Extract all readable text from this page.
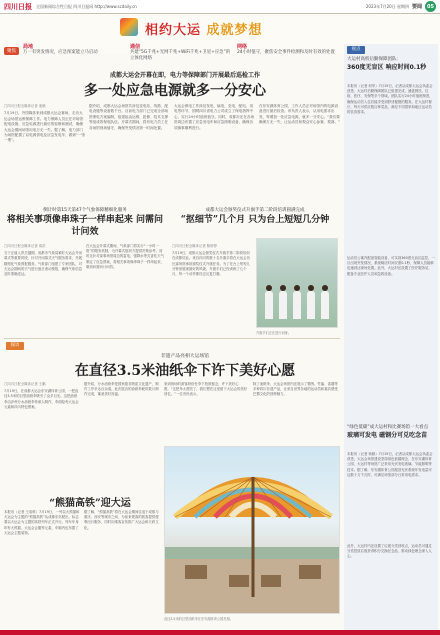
四川日报 全国新闻综合性日报 四川日报网 http://www.scdaily.cn	2023年7月20日 星期四 要闻	05
相约大运 成就梦想
聚焦
局地
万一有突发情况，应急预案能立马启动
通信
共建“5G千兆+光网千兆+WiFi千兆+卫星+应急”的立体化网络
网络
24小时值守，聚焦安全事件检测和及时有效的处置
成都大运会开幕在即，电力等保障部门开展最后巡检工作
多一处应急电源就多一分安心
□四川日报全媒体记者 庞晓
7月19日，外国媒体来到成都大运会赛场，走访大运会场馆运维保障工作。电力保障人员正在对场馆配电设施、应急电源进行最后的检修和测试，确保大运会期间场馆用电万无一失。据了解，电力部门为场馆配置了双电源供电及应急发电车，做到“一馆一策”。
据介绍，成都大运会场馆共涉及变电站、线路、配电设施等设备数千台。目前电力部门已完成全部场馆保电方案编制，组建起由运维、抢修、技术支撑等组成的保电队伍。开幕式期间，将有电力员工在各场馆现场值守，确保突发情况第一时间处置。
大运会保电工作涉及发电、输电、变电、配电、用电等环节，国网四川省电力公司成立了保电指挥中心，实行24小时值班值守。同时，成都市还在各场馆周边布置了应急发电车和应急照明设备，确保各项赛事顺利进行。
在东安湖体育公园，工作人员正对场馆内的电源设备进行最后检查。该负责人表示，从用电需求出发，每增加一处应急电源，就多一分安心。“我们要确保万无一失，让运动员和观众安心参赛、观赛。”
视点
大运村高校后勤保障团队：
360度无盲区 响应时间0.1秒
本报讯（记者 何苹）7月19日，记者从成都大运会执委会获悉，大运村后勤保障团队已组建完成，涵盖餐饮、住宿、医疗、安保等多个领域。团队实行24小时值班制度，确保运动员入住后能享受到舒适便捷的服务。在大运村餐厅，每天可供应数百种菜品，满足不同国家和地区运动员的饮食需求。
运动员公寓内配备智能设备，可实现360度无盲区监控，一旦出现突发情况，系统响应时间仅需0.1秒，保障人员能够迅速到达现场处置。此外，大运村还设置了医疗服务站，配备专业医护人员和急救设备。
“绿色低碳”成大运村和比赛场馆一大看点
玻璃可发电 磁钢分可兑吃念苗
本报讯（记者 杨颖）7月19日，记者从成都大运会执委会获悉，大运会场馆建设坚持绿色低碳理念，在东安湖体育公园、大运村等场馆广泛采用光伏发电玻璃、节能照明等技术。据了解，东安湖体育公园屋顶光伏系统年发电量可达数十万千瓦时，可满足场馆部分日常用电需求。
此外，大运村内还设置了垃圾分类回收点，运动员可通过分类投放垃圾获得积分兑换纪念品，推动绿色理念深入人心。
倒计时第15天第47个气象保障精细化服务
将相关事项像串珠子一样串起来 问需问计问效
□四川日报全媒体记者 周洪
当下正值入汛关键期，成都市气象局紧盯大运会开闭幕式等重要时段，针对开闭幕式天气服务需求，开展精细化气象预报服务。气象部门组建了专家团队，对大运会期间的天气进行逐日滚动预报，确保气象信息及时准确送达。
在大运会开幕式期间，气象部门将实行“一小时一报”的服务机制，为开幕式组织方提供决策参考。同时还针对赛事场馆周边的雷电、强降水等灾害性天气制定了应急预案，将相关事项像串珠子一样串起来，做到问需问计问效。
成都大运会颁奖仪式升旗手第二阶段培训圆满完成
“抠细节”几个月 只为台上短短几分钟
□四川日报全媒体记者 陈婷婷
7月19日，成都大运会颁奖仪式升旗手第二阶段培训在成都结业。来自四川的数十名升旗手将在大运会各比赛场馆承担颁奖仪式升旗任务。为了在台上短短几分钟里展现最好的风貌，升旗手们已经训练了几个月，每一个动作都经过反复打磨。
升旗手们正在进行训练。
探访
非遗产品亮相大运场馆
在直径3.5米油纸伞下许下美好心愿
□四川日报全媒体记者 王鹏
7月19日，在成都大运会东安湖体育公园，一把直径3.5米的巨型油纸伞吸引了众多目光。这把油纸伞由泸州分水油纸伞传承人制作，伞面绘有大运会元素和四川特色图案。
据介绍，分水油纸伞是国家级非物质文化遗产，制作工序多达百余道。此次展出的油纸伞耗时数月制作完成，寓意美好祝福。
来到现场的游客纷纷在伞下拍照留念，许下美好心愿。“这把伞太漂亮了，我们想在这里留下大运会的美好回忆。”一位市民表示。
除了油纸伞，大运会场馆内还展示了蜀绣、竹编、漆器等多种四川非遗产品，让来自世界各地的运动员和嘉宾感受巴蜀文化的独特魅力。
“熊猫高铁”迎大运
本报讯（记者 王成栋）7月19日，一列以大熊猫和大运会为主题的“熊猫高铁”从成都东站驶出，标志着以大运会为主题的高铁列车正式开行。列车车身印有大熊猫、大运会会徽等元素，车厢内也布置了大运会主题装饰。
据了解，“熊猫高铁”将在大运会期间往返于成都与重庆、西安等城市之间，为前来观赛的旅客提供便利出行服务，同时向乘客宣传推广大运会和天府文化。
直径3.5米的巨型油纸伞在东安湖体育公园亮相。
